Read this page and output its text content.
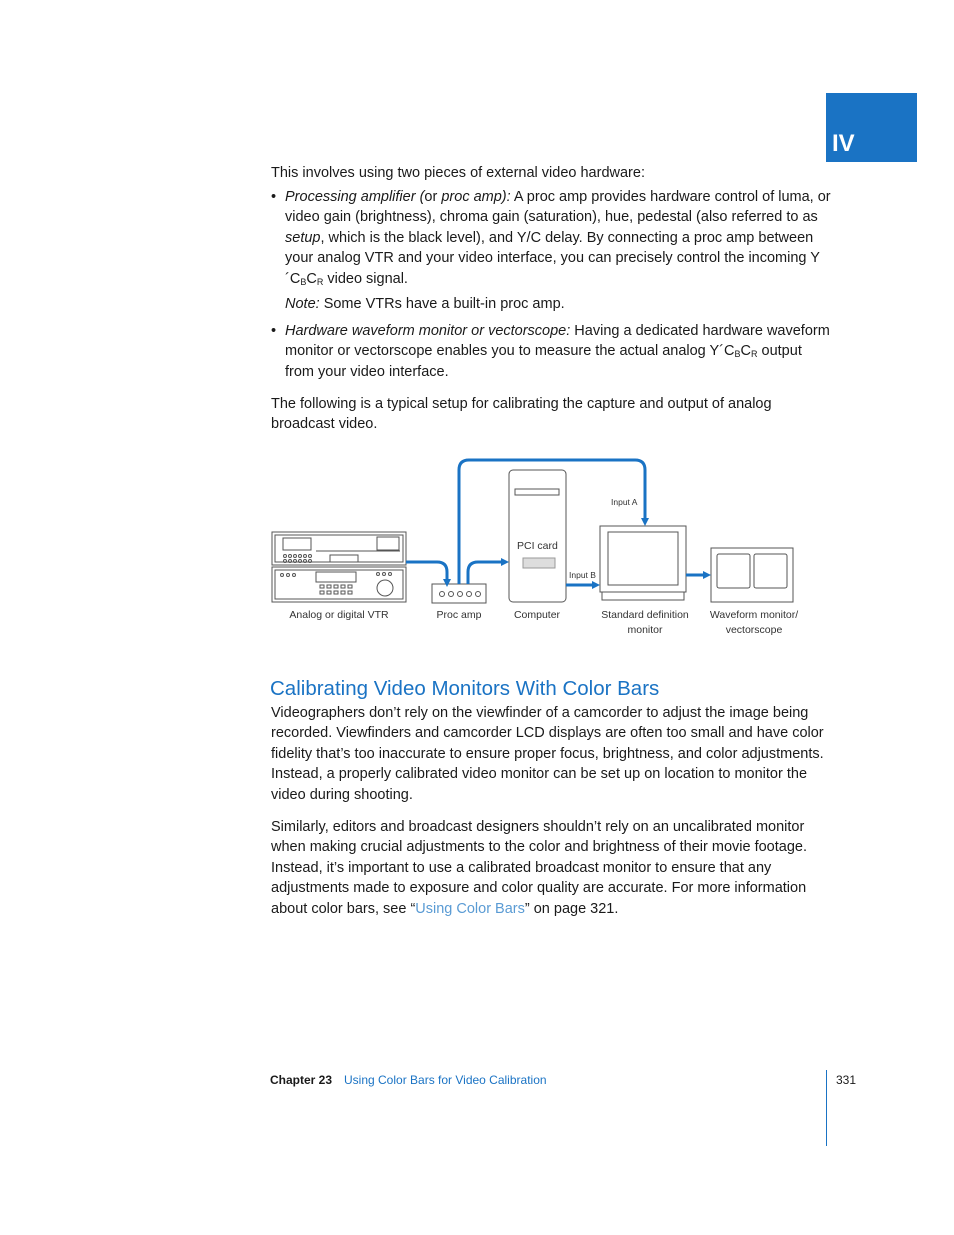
IV

This involves using two pieces of external video hardware:

• Processing amplifier (or proc amp): A proc amp provides hardware control of luma, or video gain (brightness), chroma gain (saturation), hue, pedestal (also referred to as setup, which is the black level), and Y/C delay. By connecting a proc amp between your analog VTR and your video interface, you can precisely control the incoming $Y´C_BC_R$ video signal.
Note: Some VTRs have a built-in proc amp.
• Hardware waveform monitor or vectorscope: Having a dedicated hardware waveform monitor or vectorscope enables you to measure the actual analog $Y´C_BC_R$ output from your video interface.

The following is a typical setup for calibrating the capture and output of analog broadcast video.

PCI card
Input A
Input B
Analog or digital VTR	Proc amp	Computer	Standard definition
monitor
Waveform monitor/
vectorscope
Calibrating Video Monitors With Color Bars

Videographers don’t rely on the viewfinder of a camcorder to adjust the image being recorded. Viewfinders and camcorder LCD displays are often too small and have color fidelity that’s too inaccurate to ensure proper focus, brightness, and color adjustments. Instead, a properly calibrated video monitor can be set up on location to monitor the video during shooting.

Similarly, editors and broadcast designers shouldn’t rely on an uncalibrated monitor when making crucial adjustments to the color and brightness of their movie footage. Instead, it’s important to use a calibrated broadcast monitor to ensure that any adjustments made to exposure and color quality are accurate. For more information about color bars, see “Using Color Bars” on page 321.
Chapter 23 Using Color Bars for Video Calibration	331
